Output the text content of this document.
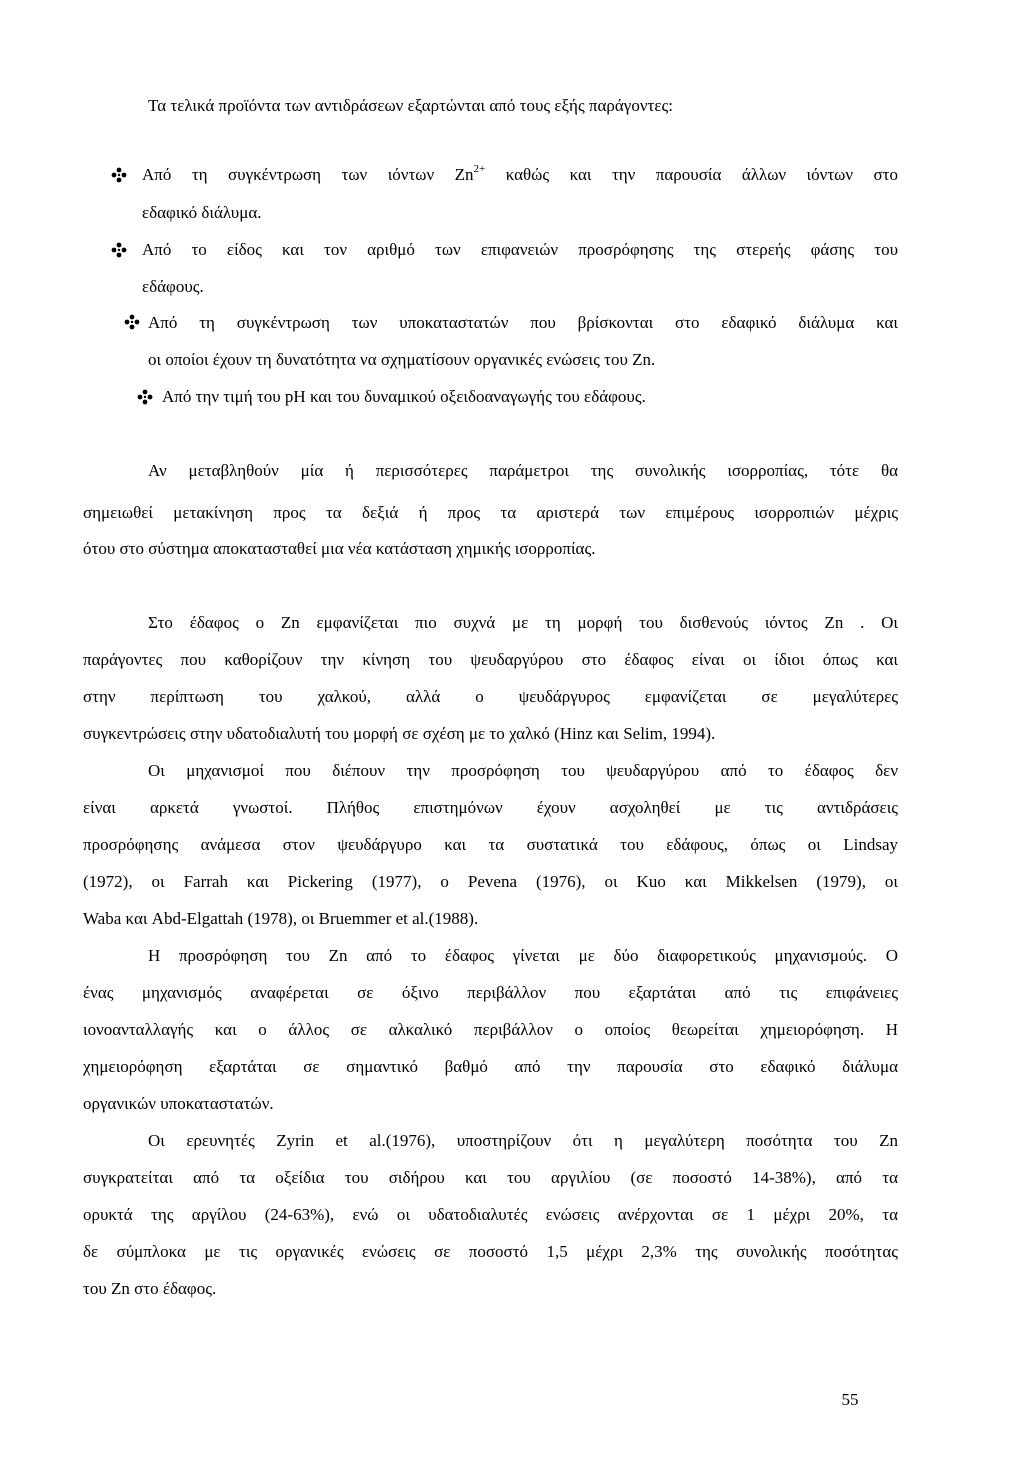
Τα τελικά προϊόντα των αντιδράσεων εξαρτώνται από τους εξής παράγοντες:
Από τη συγκέντρωση των ιόντων $Zn^{2+}$ καθώς και την παρουσία άλλων ιόντων στο
εδαφικό διάλυμα.
Από το είδος και τον αριθμό των επιφανειών προσρόφησης της στερεής φάσης του
εδάφους.
Από τη συγκέντρωση των υποκαταστατών που βρίσκονται στο εδαφικό διάλυμα και
οι οποίοι έχουν τη δυνατότητα να σχηματίσουν οργανικές ενώσεις του Zn.
Από την τιμή του pH και του δυναμικού οξειδοαναγωγής του εδάφους.
Αν μεταβληθούν μία ή περισσότερες παράμετροι της συνολικής ισορροπίας, τότε θα
σημειωθεί μετακίνηση προς τα δεξιά ή προς τα αριστερά των επιμέρους ισορροπιών μέχρις
ότου στο σύστημα αποκατασταθεί μια νέα κατάσταση χημικής ισορροπίας.
Στο έδαφος ο Zn εμφανίζεται πιο συχνά με τη μορφή του δισθενούς ιόντος Zn . Οι
παράγοντες που καθορίζουν την κίνηση του ψευδαργύρου στο έδαφος είναι οι ίδιοι όπως και
στην περίπτωση του χαλκού, αλλά ο ψευδάργυρος εμφανίζεται σε μεγαλύτερες
συγκεντρώσεις στην υδατοδιαλυτή του μορφή σε σχέση με το χαλκό (Hinz και Selim, 1994).
Οι μηχανισμοί που διέπουν την προσρόφηση του ψευδαργύρου από το έδαφος δεν
είναι αρκετά γνωστοί. Πλήθος επιστημόνων έχουν ασχοληθεί με τις αντιδράσεις
προσρόφησης ανάμεσα στον ψευδάργυρο και τα συστατικά του εδάφους, όπως οι Lindsay
(1972), οι Farrah και Pickering (1977), ο Pevena (1976), οι Kuo και Mikkelsen (1979), οι
Waba και Abd-Elgattah (1978), οι Bruemmer et al.(1988).
Η προσρόφηση του Zn από το έδαφος γίνεται με δύο διαφορετικούς μηχανισμούς. Ο
ένας μηχανισμός αναφέρεται σε όξινο περιβάλλον που εξαρτάται από τις επιφάνειες
ιονοανταλλαγής και ο άλλος σε αλκαλικό περιβάλλον ο οποίος θεωρείται χημειορόφηση. Η
χημειορόφηση εξαρτάται σε σημαντικό βαθμό από την παρουσία στο εδαφικό διάλυμα
οργανικών υποκαταστατών.
Οι ερευνητές Zyrin et al.(1976), υποστηρίζουν ότι η μεγαλύτερη ποσότητα του Zn
συγκρατείται από τα οξείδια του σιδήρου και του αργιλίου (σε ποσοστό 14-38%), από τα
ορυκτά της αργίλου (24-63%), ενώ οι υδατοδιαλυτές ενώσεις ανέρχονται σε 1 μέχρι 20%, τα
δε σύμπλοκα με τις οργανικές ενώσεις σε ποσοστό 1,5 μέχρι 2,3% της συνολικής ποσότητας
του Zn στο έδαφος.
55
